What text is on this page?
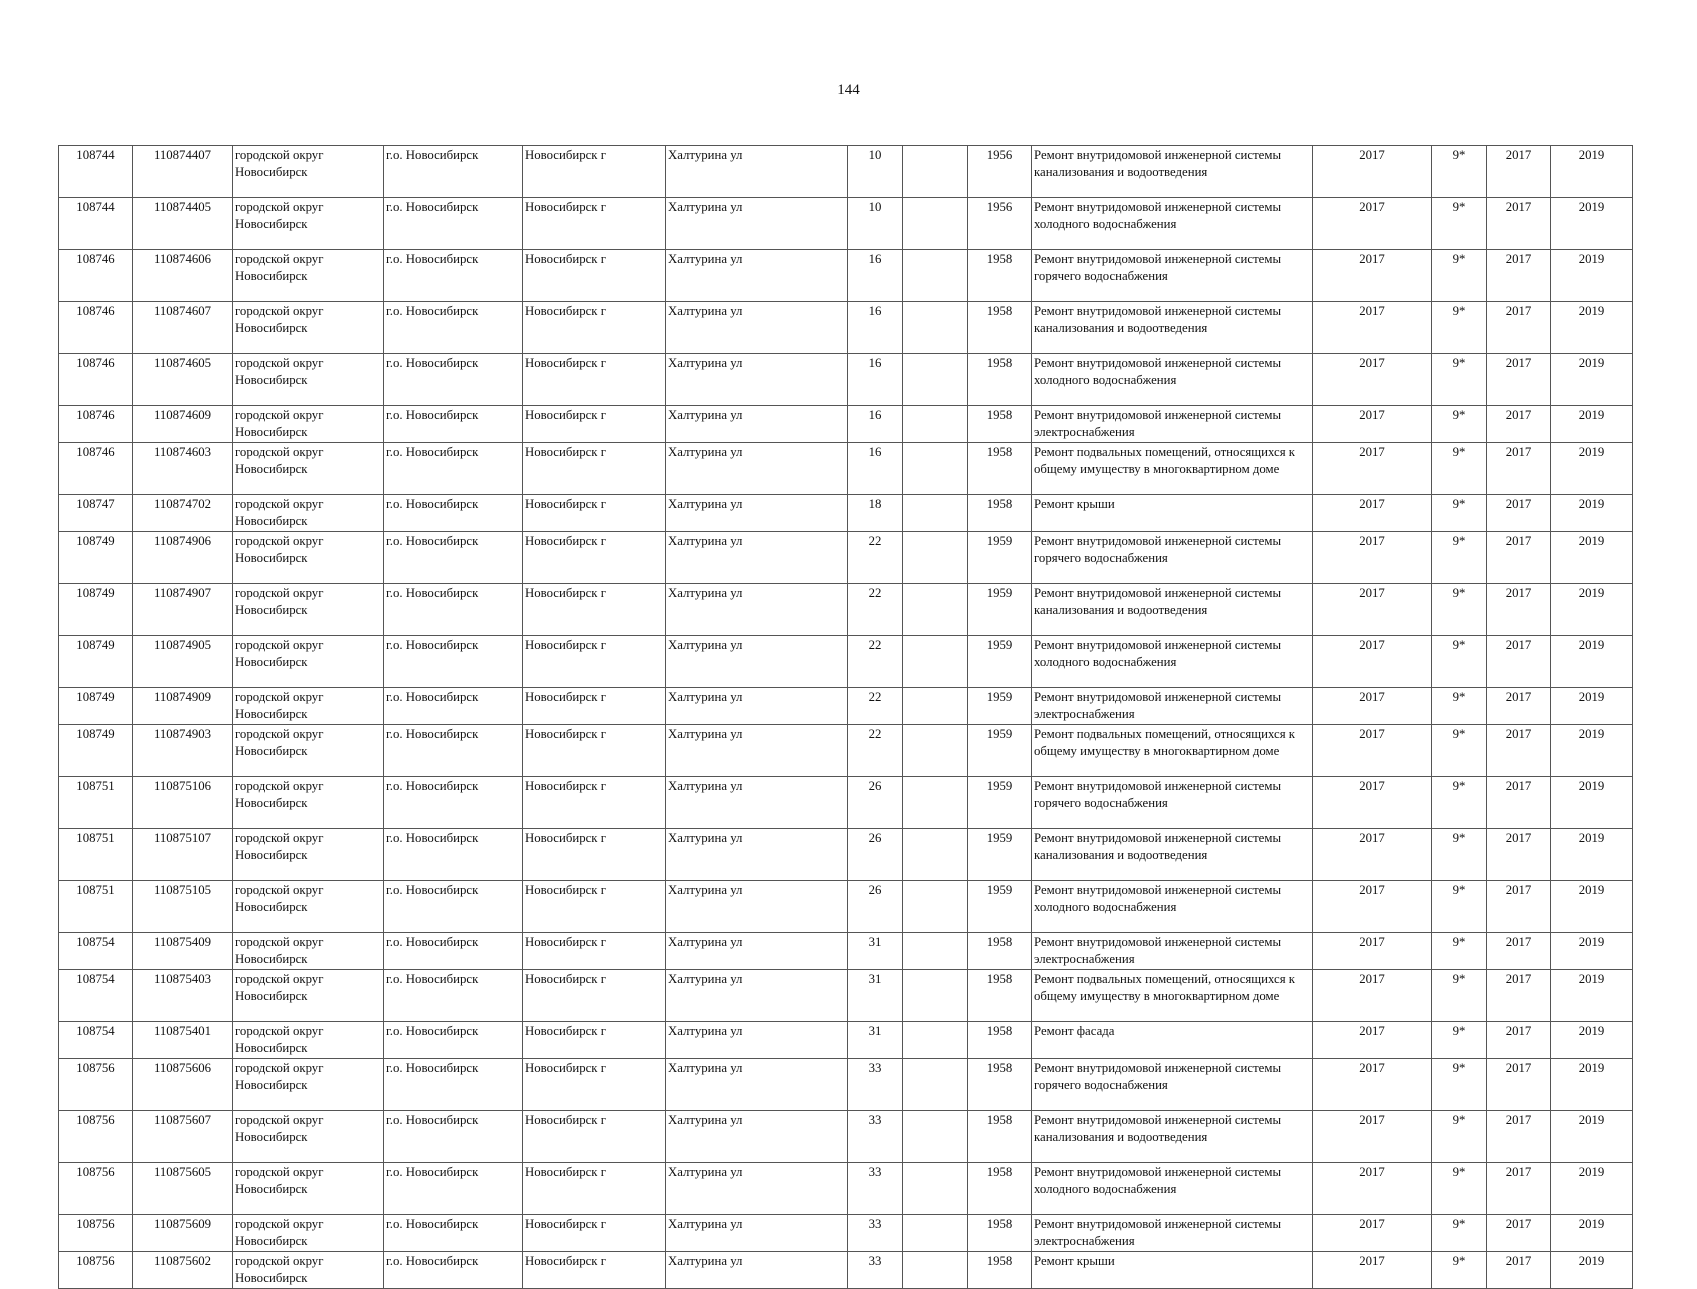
144
108744	110874407	городской округ Новосибирск	г.о. Новосибирск	Новосибирск г	Халтурина ул	10		1956	Ремонт внутридомовой инженерной системы канализования и водоотведения	2017	9*	2017	2019
108744	110874405	городской округ Новосибирск	г.о. Новосибирск	Новосибирск г	Халтурина ул	10		1956	Ремонт внутридомовой инженерной системы холодного водоснабжения	2017	9*	2017	2019
108746	110874606	городской округ Новосибирск	г.о. Новосибирск	Новосибирск г	Халтурина ул	16		1958	Ремонт внутридомовой инженерной системы горячего водоснабжения	2017	9*	2017	2019
108746	110874607	городской округ Новосибирск	г.о. Новосибирск	Новосибирск г	Халтурина ул	16		1958	Ремонт внутридомовой инженерной системы канализования и водоотведения	2017	9*	2017	2019
108746	110874605	городской округ Новосибирск	г.о. Новосибирск	Новосибирск г	Халтурина ул	16		1958	Ремонт внутридомовой инженерной системы холодного водоснабжения	2017	9*	2017	2019
108746	110874609	городской округ Новосибирск	г.о. Новосибирск	Новосибирск г	Халтурина ул	16		1958	Ремонт внутридомовой инженерной системы электроснабжения	2017	9*	2017	2019
108746	110874603	городской округ Новосибирск	г.о. Новосибирск	Новосибирск г	Халтурина ул	16		1958	Ремонт подвальных помещений, относящихся к общему имуществу в многоквартирном доме	2017	9*	2017	2019
108747	110874702	городской округ Новосибирск	г.о. Новосибирск	Новосибирск г	Халтурина ул	18		1958	Ремонт крыши	2017	9*	2017	2019
108749	110874906	городской округ Новосибирск	г.о. Новосибирск	Новосибирск г	Халтурина ул	22		1959	Ремонт внутридомовой инженерной системы горячего водоснабжения	2017	9*	2017	2019
108749	110874907	городской округ Новосибирск	г.о. Новосибирск	Новосибирск г	Халтурина ул	22		1959	Ремонт внутридомовой инженерной системы канализования и водоотведения	2017	9*	2017	2019
108749	110874905	городской округ Новосибирск	г.о. Новосибирск	Новосибирск г	Халтурина ул	22		1959	Ремонт внутридомовой инженерной системы холодного водоснабжения	2017	9*	2017	2019
108749	110874909	городской округ Новосибирск	г.о. Новосибирск	Новосибирск г	Халтурина ул	22		1959	Ремонт внутридомовой инженерной системы электроснабжения	2017	9*	2017	2019
108749	110874903	городской округ Новосибирск	г.о. Новосибирск	Новосибирск г	Халтурина ул	22		1959	Ремонт подвальных помещений, относящихся к общему имуществу в многоквартирном доме	2017	9*	2017	2019
108751	110875106	городской округ Новосибирск	г.о. Новосибирск	Новосибирск г	Халтурина ул	26		1959	Ремонт внутридомовой инженерной системы горячего водоснабжения	2017	9*	2017	2019
108751	110875107	городской округ Новосибирск	г.о. Новосибирск	Новосибирск г	Халтурина ул	26		1959	Ремонт внутридомовой инженерной системы канализования и водоотведения	2017	9*	2017	2019
108751	110875105	городской округ Новосибирск	г.о. Новосибирск	Новосибирск г	Халтурина ул	26		1959	Ремонт внутридомовой инженерной системы холодного водоснабжения	2017	9*	2017	2019
108754	110875409	городской округ Новосибирск	г.о. Новосибирск	Новосибирск г	Халтурина ул	31		1958	Ремонт внутридомовой инженерной системы электроснабжения	2017	9*	2017	2019
108754	110875403	городской округ Новосибирск	г.о. Новосибирск	Новосибирск г	Халтурина ул	31		1958	Ремонт подвальных помещений, относящихся к общему имуществу в многоквартирном доме	2017	9*	2017	2019
108754	110875401	городской округ Новосибирск	г.о. Новосибирск	Новосибирск г	Халтурина ул	31		1958	Ремонт фасада	2017	9*	2017	2019
108756	110875606	городской округ Новосибирск	г.о. Новосибирск	Новосибирск г	Халтурина ул	33		1958	Ремонт внутридомовой инженерной системы горячего водоснабжения	2017	9*	2017	2019
108756	110875607	городской округ Новосибирск	г.о. Новосибирск	Новосибирск г	Халтурина ул	33		1958	Ремонт внутридомовой инженерной системы канализования и водоотведения	2017	9*	2017	2019
108756	110875605	городской округ Новосибирск	г.о. Новосибирск	Новосибирск г	Халтурина ул	33		1958	Ремонт внутридомовой инженерной системы холодного водоснабжения	2017	9*	2017	2019
108756	110875609	городской округ Новосибирск	г.о. Новосибирск	Новосибирск г	Халтурина ул	33		1958	Ремонт внутридомовой инженерной системы электроснабжения	2017	9*	2017	2019
108756	110875602	городской округ Новосибирск	г.о. Новосибирск	Новосибирск г	Халтурина ул	33		1958	Ремонт крыши	2017	9*	2017	2019
